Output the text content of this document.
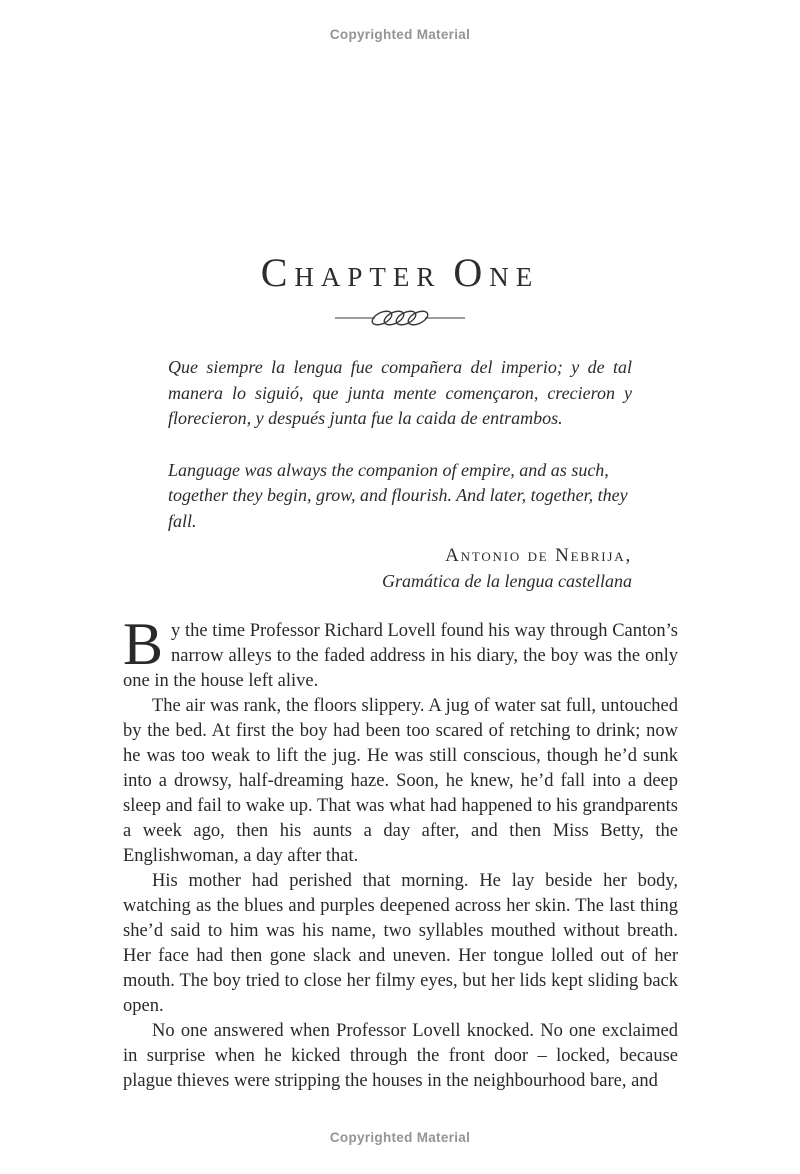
Copyrighted Material
CHAPTER ONE

Que siempre la lengua fue compañera del imperio; y de tal manera lo siguió, que junta mente començaron, crecieron y florecieron, y después junta fue la caida de entrambos.

Language was always the companion of empire, and as such, together they begin, grow, and flourish. And later, together, they fall.

Antonio de Nebrija,

Gramática de la lengua castellana

By the time Professor Richard Lovell found his way through Canton’s narrow alleys to the faded address in his diary, the boy was the only one in the house left alive.

The air was rank, the floors slippery. A jug of water sat full, untouched by the bed. At first the boy had been too scared of retching to drink; now he was too weak to lift the jug. He was still conscious, though he’d sunk into a drowsy, half-dreaming haze. Soon, he knew, he’d fall into a deep sleep and fail to wake up. That was what had happened to his grandparents a week ago, then his aunts a day after, and then Miss Betty, the Englishwoman, a day after that.

His mother had perished that morning. He lay beside her body, watching as the blues and purples deepened across her skin. The last thing she’d said to him was his name, two syllables mouthed without breath. Her face had then gone slack and uneven. Her tongue lolled out of her mouth. The boy tried to close her filmy eyes, but her lids kept sliding back open.

No one answered when Professor Lovell knocked. No one exclaimed in surprise when he kicked through the front door – locked, because plague thieves were stripping the houses in the neighbourhood bare, and

Copyrighted Material
